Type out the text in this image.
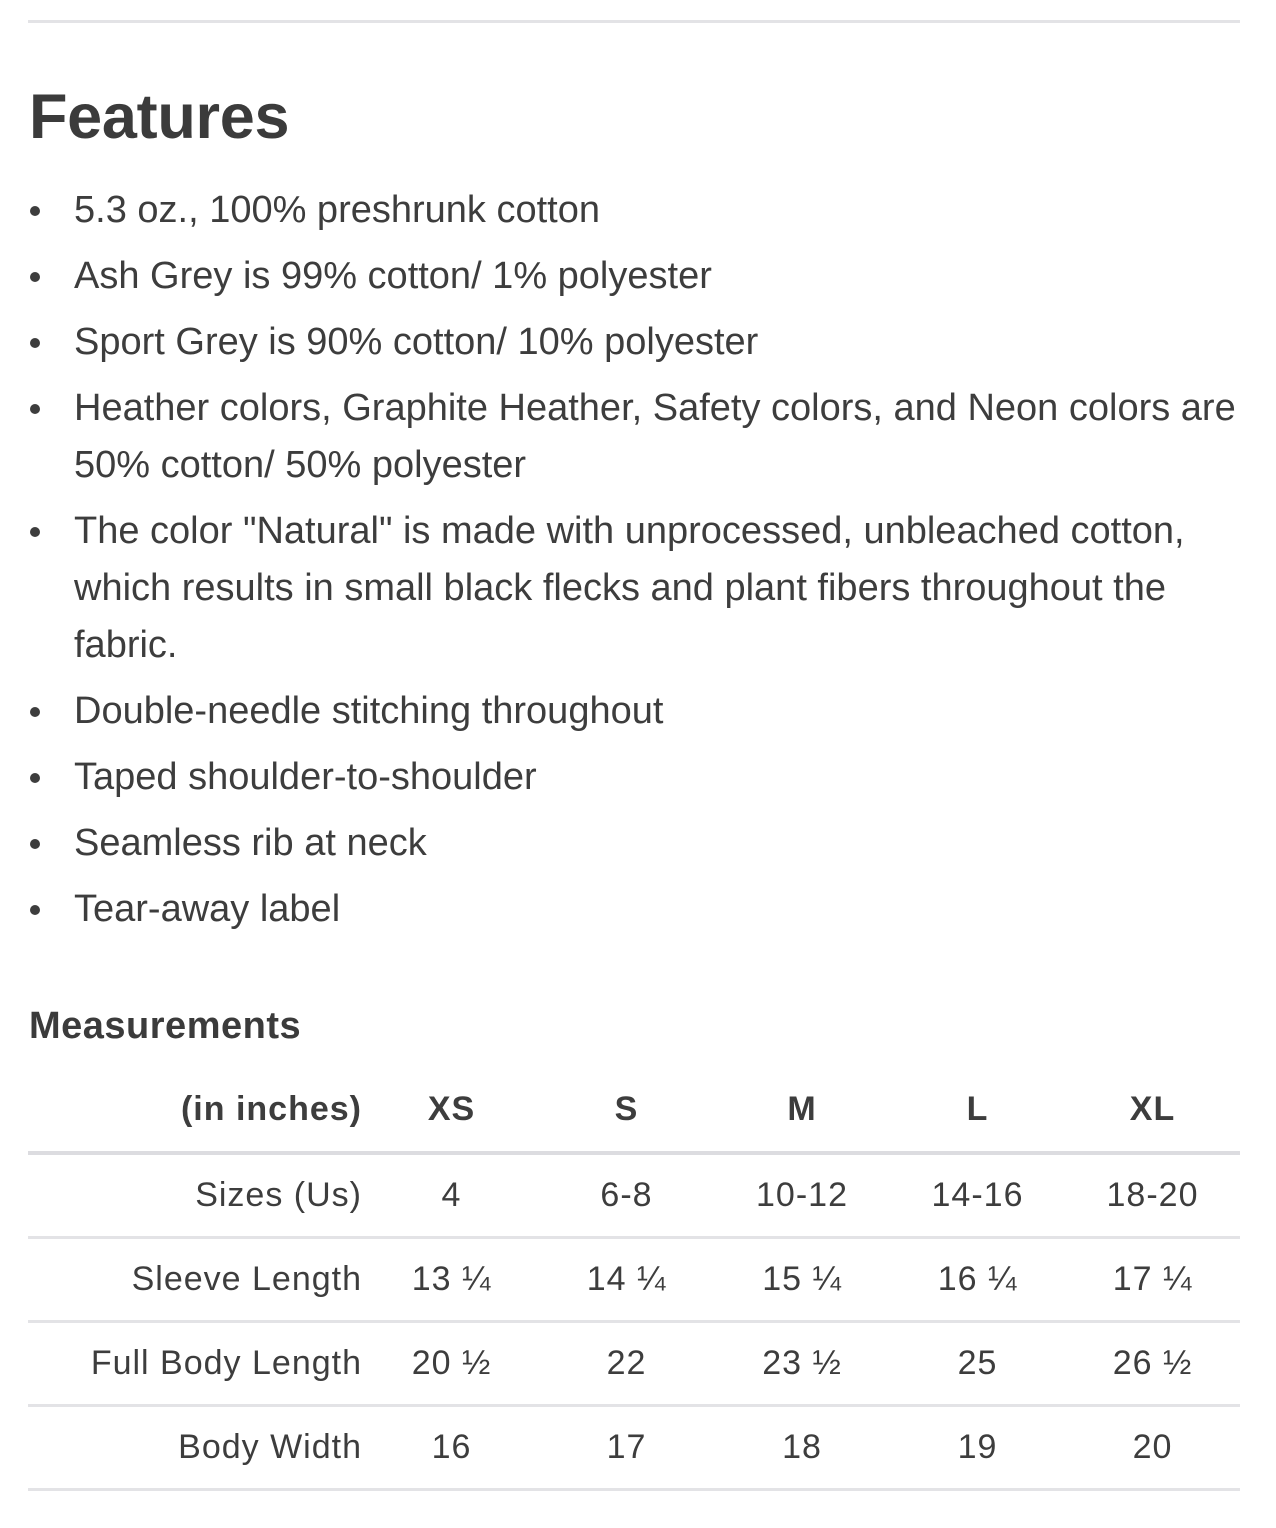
Features
5.3 oz., 100% preshrunk cotton
Ash Grey is 99% cotton/ 1% polyester
Sport Grey is 90% cotton/ 10% polyester
Heather colors, Graphite Heather, Safety colors, and Neon colors are 50% cotton/ 50% polyester
The color "Natural" is made with unprocessed, unbleached cotton, which results in small black flecks and plant fibers throughout the fabric.
Double-needle stitching throughout
Taped shoulder-to-shoulder
Seamless rib at neck
Tear-away label
Measurements
(in inches)	XS	S	M	L	XL
Sizes (Us)	4	6-8	10-12	14-16	18-20
Sleeve Length	13 ¼	14 ¼	15 ¼	16 ¼	17 ¼
Full Body Length	20 ½	22	23 ½	25	26 ½
Body Width	16	17	18	19	20
